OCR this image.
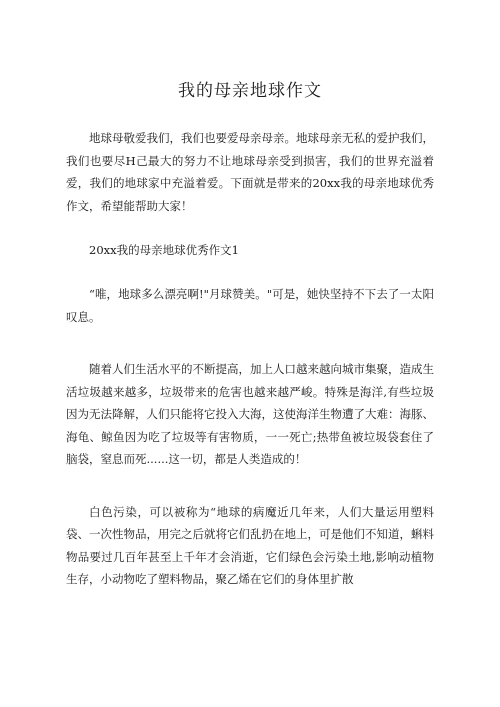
我的母亲地球作文

地球母敬爱我们，我们也要爱母亲母亲。地球母亲无私的爱护我们，我们也要尽H己最大的努力不让地球母亲受到损害，我们的世界充溢着爱，我们的地球家中充溢着爱。下面就是带来的20xx我的母亲地球优秀作文，希望能帮助大家！

20xx我的母亲地球优秀作文1

“唯，地球多么漂亮啊!"月球赞美。"可是，她快坚持不下去了一太阳叹息。

随着人们生活水平的不断提高，加上人口越来越向城市集聚，造成生活垃圾越来越多，垃圾带来的危害也越来越严峻。特殊是海洋,有些垃圾因为无法降解，人们只能将它投入大海，这使海洋生物遭了大难：海豚、海龟、鲸鱼因为吃了垃圾等有害物质，一一死亡;热带鱼被垃圾袋套住了脑袋，窒息而死......这一切，都是人类造成的！

白色污染，可以被称为“地球的病魔近几年来，人们大量运用塑料袋、一次性物品，用完之后就将它们乱扔在地上，可是他们不知道，蝌料物品要过几百年甚至上千年才会消逝，它们绿色会污染土地,影响动植物生存，小动物吃了塑料物品，聚乙烯在它们的身体里扩散
